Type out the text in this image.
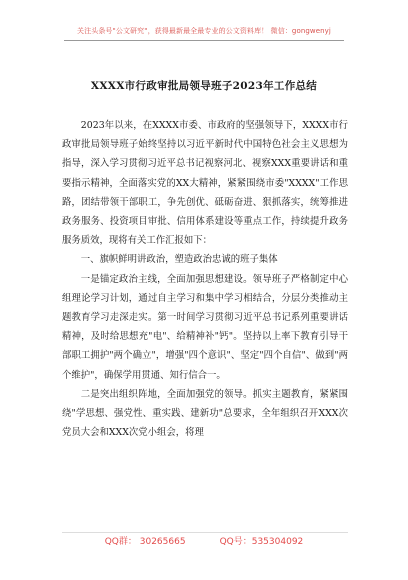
关注头条号"公文研究"，获得最新最全最专业的公文资料库！ 微信：gongwenyj
XXXX市行政审批局领导班子2023年工作总结

2023年以来，在XXXX市委、市政府的坚强领导下，XXXX市行政审批局领导班子始终坚持以习近平新时代中国特色社会主义思想为指导，深入学习贯彻习近平总书记视察河北、视察XXX重要讲话和重要指示精神，全面落实党的XX大精神，紧紧围绕市委"XXXX"工作思路，团结带领干部职工，争先创优、砥砺奋进、狠抓落实，统筹推进政务服务、投资项目审批、信用体系建设等重点工作，持续提升政务服务质效，现将有关工作汇报如下：

一、旗帜鲜明讲政治，塑造政治忠诚的班子集体

一是锚定政治主线，全面加强思想建设。领导班子严格制定中心组理论学习计划，通过自主学习和集中学习相结合，分层分类推动主题教育学习走深走实。第一时间学习贯彻习近平总书记系列重要讲话精神，及时给思想充"电"、给精神补"钙"。坚持以上率下教育引导干部职工拥护"两个确立"，增强"四个意识"、坚定"四个自信"、做到"两个维护"，确保学用贯通、知行信合一。

二是突出组织阵地，全面加强党的领导。抓实主题教育，紧紧围绕"学思想、强党性、重实践、建新功"总要求，全年组织召开XXX次党员大会和XXX次党小组会，将理

QQ群： 30265665	QQ号：535304092
